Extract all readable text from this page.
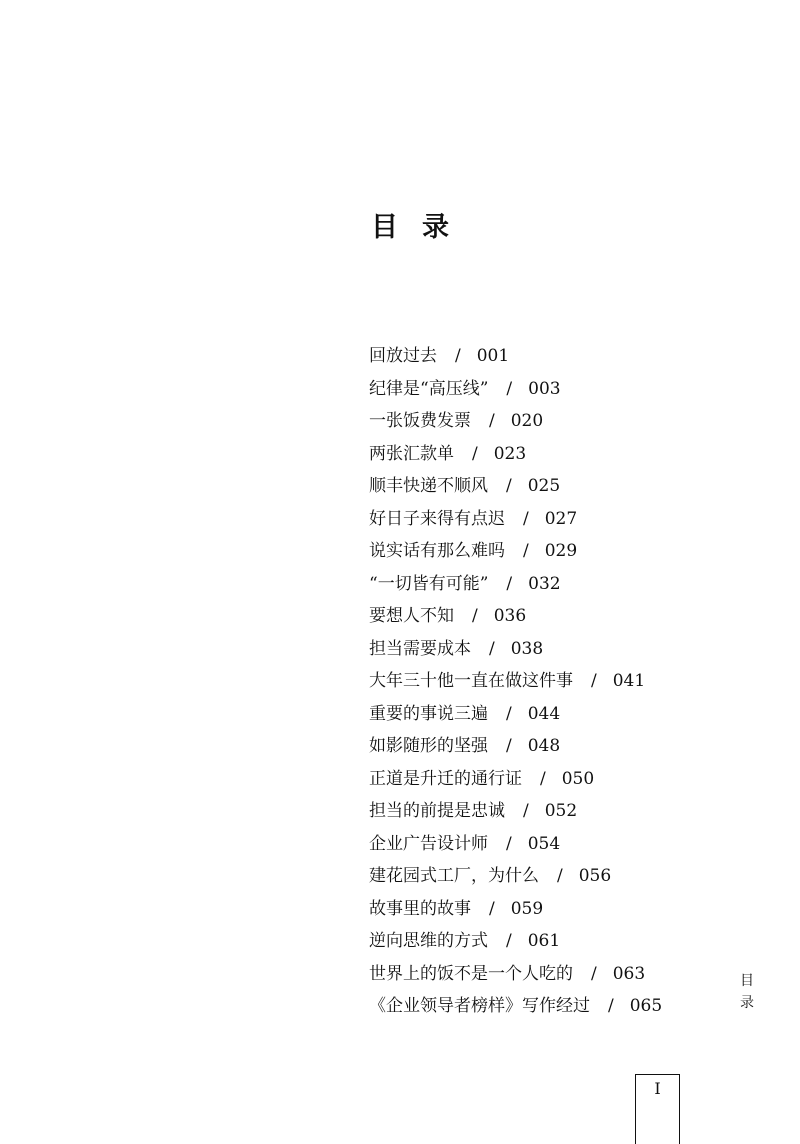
目 录
回放过去 / 001
纪律是“高压线” / 003
一张饭费发票 / 020
两张汇款单 / 023
顺丰快递不顺风 / 025
好日子来得有点迟 / 027
说实话有那么难吗 / 029
“一切皆有可能” / 032
要想人不知 / 036
担当需要成本 / 038
大年三十他一直在做这件事 / 041
重要的事说三遍 / 044
如影随形的坚强 / 048
正道是升迁的通行证 / 050
担当的前提是忠诚 / 052
企业广告设计师 / 054
建花园式工厂，为什么 / 056
故事里的故事 / 059
逆向思维的方式 / 061
世界上的饭不是一个人吃的 / 063
《企业领导者榜样》写作经过 / 065
目
录
I
